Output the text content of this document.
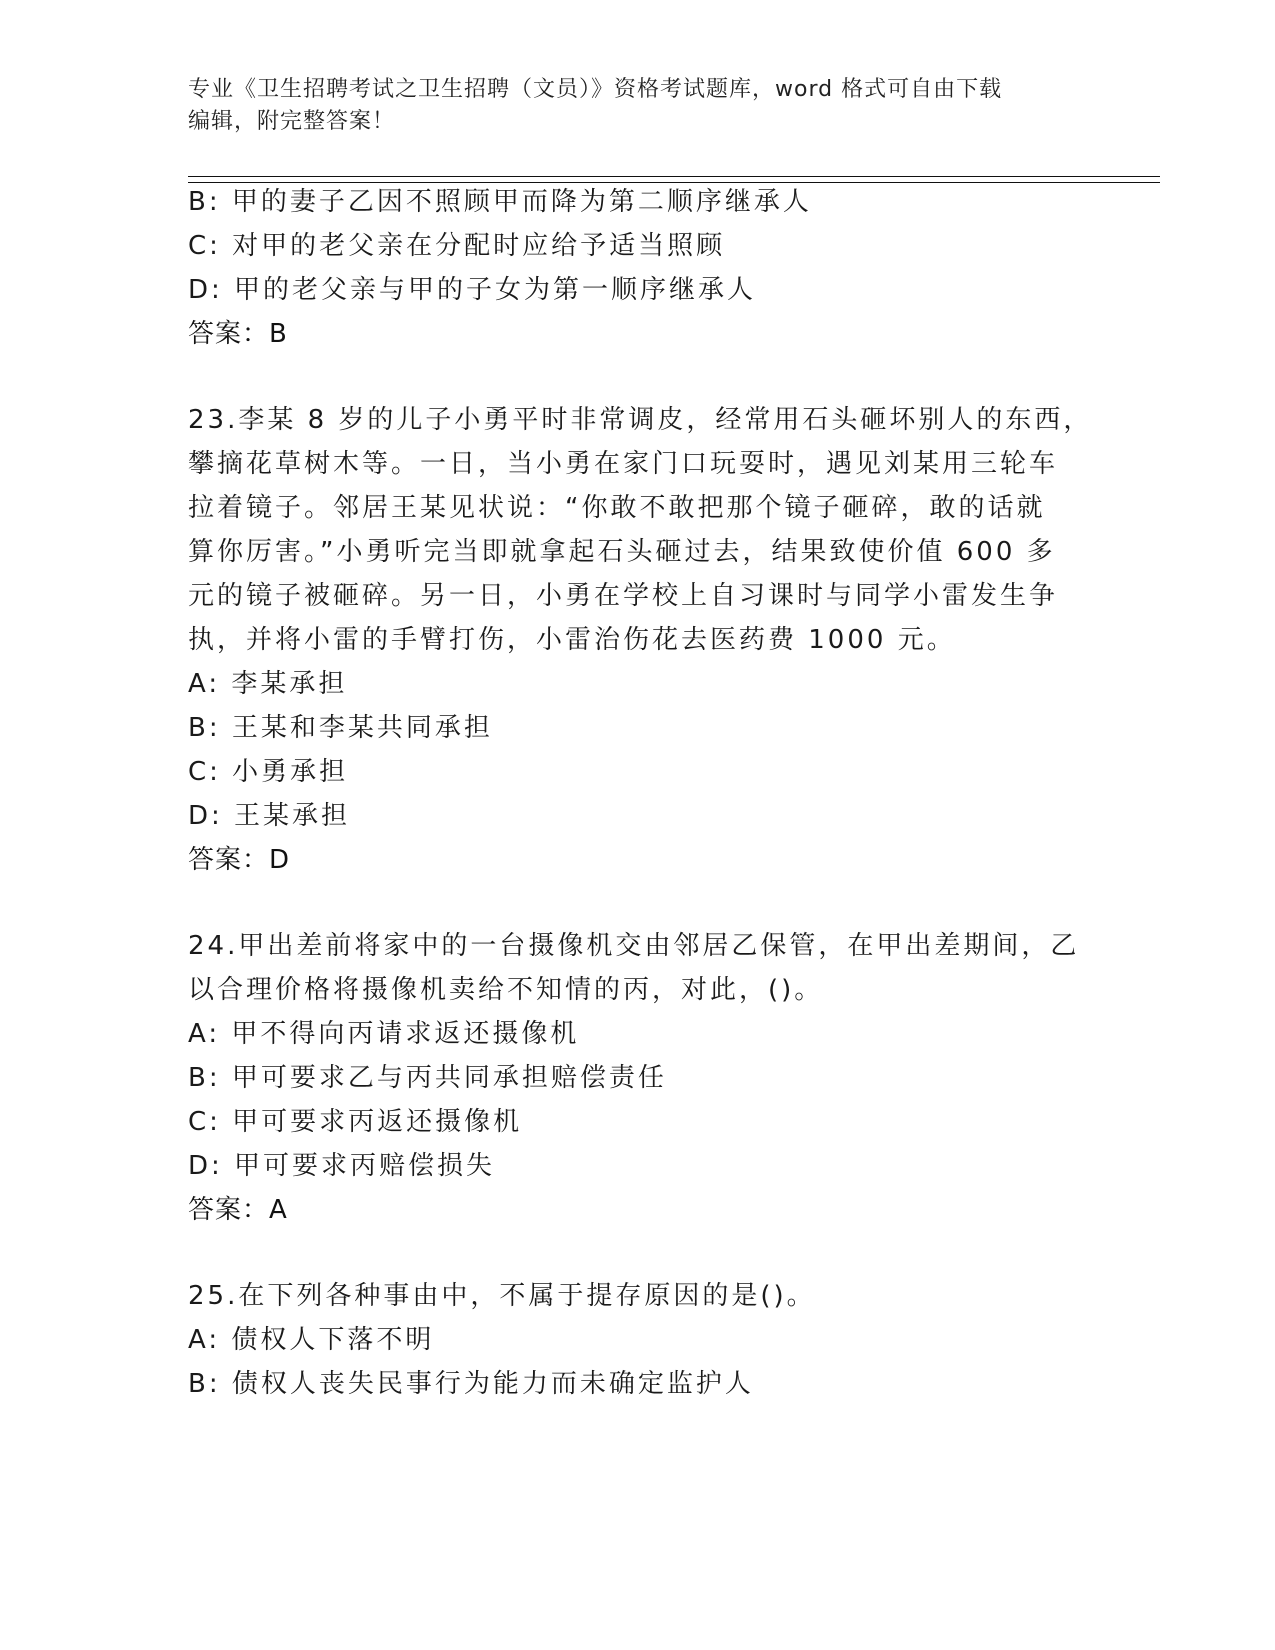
专业《卫生招聘考试之卫生招聘（文员）》资格考试题库，word 格式可自由下载
编辑，附完整答案！
B: 甲的妻子乙因不照顾甲而降为第二顺序继承人
C: 对甲的老父亲在分配时应给予适当照顾
D: 甲的老父亲与甲的子女为第一顺序继承人
答案：B
23.李某 8 岁的儿子小勇平时非常调皮，经常用石头砸坏别人的东西，
攀摘花草树木等。一日，当小勇在家门口玩耍时，遇见刘某用三轮车
拉着镜子。邻居王某见状说：“你敢不敢把那个镜子砸碎，敢的话就
算你厉害。”小勇听完当即就拿起石头砸过去，结果致使价值 600 多
元的镜子被砸碎。另一日，小勇在学校上自习课时与同学小雷发生争
执，并将小雷的手臂打伤，小雷治伤花去医药费 1000 元。
A: 李某承担
B: 王某和李某共同承担
C: 小勇承担
D: 王某承担
答案：D
24.甲出差前将家中的一台摄像机交由邻居乙保管，在甲出差期间，乙
以合理价格将摄像机卖给不知情的丙，对此，()。
A: 甲不得向丙请求返还摄像机
B: 甲可要求乙与丙共同承担赔偿责任
C: 甲可要求丙返还摄像机
D: 甲可要求丙赔偿损失
答案：A
25.在下列各种事由中，不属于提存原因的是()。
A: 债权人下落不明
B: 债权人丧失民事行为能力而未确定监护人
